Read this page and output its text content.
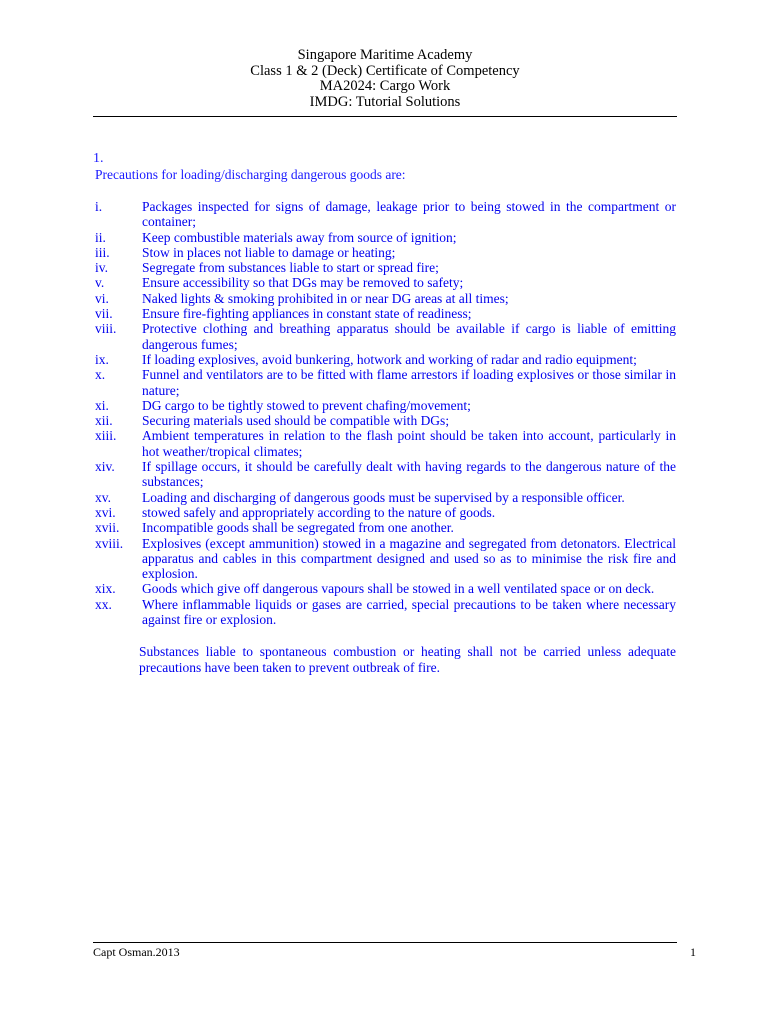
Singapore Maritime Academy
Class 1 & 2 (Deck) Certificate of Competency
MA2024: Cargo Work
IMDG: Tutorial Solutions
1.
Precautions for loading/discharging dangerous goods are:
i.	Packages inspected for signs of damage, leakage prior to being stowed in the compartment or container;
ii.	Keep combustible materials away from source of ignition;
iii.	Stow in places not liable to damage or heating;
iv.	Segregate from substances liable to start or spread fire;
v.	Ensure accessibility so that DGs may be removed to safety;
vi.	Naked lights & smoking prohibited in or near DG areas at all times;
vii.	Ensure fire-fighting appliances in constant state of readiness;
viii.	Protective clothing and breathing apparatus should be available if cargo is liable of emitting dangerous fumes;
ix.	If loading explosives, avoid bunkering, hotwork and working of radar and radio equipment;
x.	Funnel and ventilators are to be fitted with flame arrestors if loading explosives or those similar in nature;
xi.	DG cargo to be tightly stowed to prevent chafing/movement;
xii.	Securing materials used should be compatible with DGs;
xiii.	Ambient temperatures in relation to the flash point should be taken into account, particularly in hot weather/tropical climates;
xiv.	If spillage occurs, it should be carefully dealt with having regards to the dangerous nature of the substances;
xv.	Loading and discharging of dangerous goods must be supervised by a responsible officer.
xvi.	stowed safely and appropriately according to the nature of goods.
xvii.	Incompatible goods shall be segregated from one another.
xviii.	Explosives (except ammunition) stowed in a magazine and segregated from detonators. Electrical apparatus and cables in this compartment designed and used so as to minimise the risk fire and explosion.
xix.	Goods which give off dangerous vapours shall be stowed in a well ventilated space or on deck.
xx.	Where inflammable liquids or gases are carried, special precautions to be taken where necessary against fire or explosion.
Substances liable to spontaneous combustion or heating shall not be carried unless adequate precautions have been taken to prevent outbreak of fire.
Capt Osman.2013	1
